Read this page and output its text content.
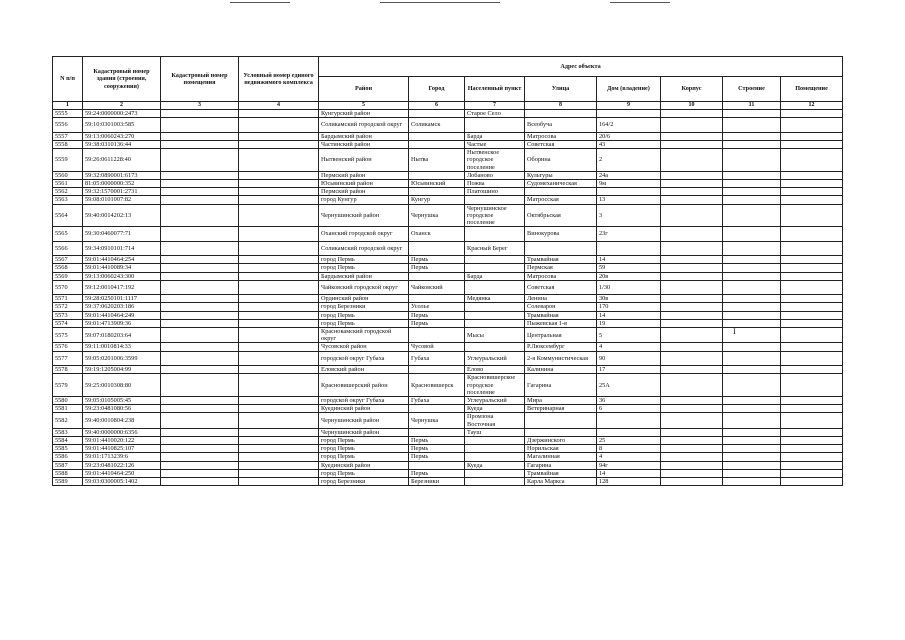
N п/п	Кадастровый номер здания (строения, сооружения)	Кадастровый номер помещения	Условный номер единого недвижимого комплекса	Адрес объекта							
				Район	Город	Населенный пункт	Улица	Дом (владение)	Корпус	Строение	Помещение
1	2	3	4	5	6	7	8	9	10	11	12
5555	59:24:0000000:2473			Кунгурский район		Старое Село					
5556	59:10:0301003:585			Соликамский городской округ	Соликамск		Всеобуча	164/2			
5557	59:13:0060243:270			Бардымский район		Барда	Матросова	20/6			
5558	59:38:0310136:44			Частинский район		Частые	Советская	43			
5559	59:26:0611228:40			Нытвенский район	Нытва	Нытвенское городское поселение	Оборина	2			
5560	59:32:0890001:6173			Пермский район		Лобаново	Культуры	24а			
5561	81:05:0000000:352			Юсьвинский район	Юсьвинский	Пожва	Судомеханическая	9м			
5562	59:32:1570001:2731			Пермский район		Платошино					
5563	59:08:0101007:82			город Кунгур	Кунгур		Матросская	13			
5564	59:40:0014202:13			Чернушинский район	Чернушка	Чернушинское городское поселение	Октябрьская	3			
5565	59:30:0460077:71			Оханский городской округ	Оханск		Винокурова	23г			
5566	59:34:0910101:714			Соликамский городской округ		Красный Берег					
5567	59:01:4410464:254			город Пермь	Пермь		Трамвайная	14			
5568	59:01:4410089:34			город Пермь	Пермь		Пермская	59			
5569	59:13:0060243:300			Бардымский район		Барда	Матросова	20в			
5570	59:12:0010417:192			Чайковский городской округ	Чайковский		Советская	1/30			
5571	59:28:0250101:1117			Ординский район		Медянка	Ленина	30в			
5572	59:37:0620203:186			город Березники	Усолье		Солеварон	170			
5573	59:01:4410464:249			город Пермь	Пермь		Трамвайная	14			
5574	59:01:4713909:36			город Пермь	Пермь		Пыжевская 1-я	19			
5575	59:07:0180203:64			Краснокамский городской округ		Мысы	Центральная	5			
5576	59:11:0010814:33			Чусовской район	Чусовой		Р.Люксембург	4			
5577	59:05:0201006:3599			городской округ Губаха	Губаха	Углеуральский	2-я Коммунистическая	90			
5578	59:19:1205004:99			Еловский район		Елово	Калинина	17			
5579	59:25:0010308:80			Красновишерский район	Красновишерск	Красновишерское городское поселение	Гагарина	25А			
5580	59:05:0105005:45			городской округ Губаха	Губаха	Углеуральский	Мира	36			
5581	59:23:0481080:56			Куединский район		Куеда	Ветеринарная	6			
5582	59:40:0010804:238			Чернушинский район	Чернушка	Промзона Восточная					
5583	59:40:0000000:6356			Чернушинский район		Тауш					
5584	59:01:4410020:122			город Пермь	Пермь		Дзержинского	25			
5585	59:01:4410825:107			город Пермь	Пермь		Норильская	8			
5586	59:01:1713239:6			город Пермь	Пермь		Магалинная	4			
5587	59:23:0481022:126			Куединский район		Куеда	Гагарина	94г			
5588	59:01:4410464:250			город Пермь	Пермь		Трамвайная	14			
5589	59:03:0300005:1402			город Березники	Березники		Карла Маркса	128			
I
